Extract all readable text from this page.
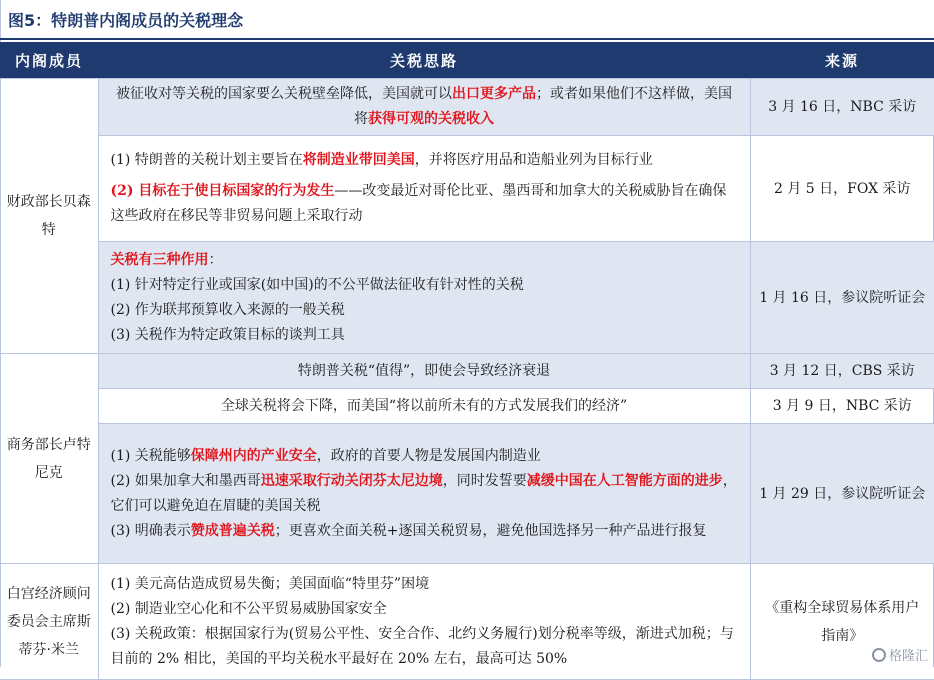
图5：特朗普内阁成员的关税理念
内阁成员	关税思路	来源
财政部长贝森特	被征收对等关税的国家要么关税壁垒降低，美国就可以出口更多产品；或者如果他们不这样做，美国将获得可观的关税收入	3 月 16 日，NBC 采访

	(1) 特朗普的关税计划主要旨在将制造业带回美国，并将医疗用品和造船业列为目标行业
(2) 目标在于使目标国家的行为发生——改变最近对哥伦比亚、墨西哥和加拿大的关税威胁旨在确保这些政府在移民等非贸易问题上采取行动	2 月 5 日，FOX 采访

	关税有三种作用：
(1) 针对特定行业或国家(如中国)的不公平做法征收有针对性的关税
(2) 作为联邦预算收入来源的一般关税
(3) 关税作为特定政策目标的谈判工具	1 月 16 日，参议院听证会
商务部长卢特尼克	特朗普关税“值得”，即使会导致经济衰退	3 月 12 日，CBS 采访
	全球关税将会下降，而美国“将以前所未有的方式发展我们的经济”	3 月 9 日，NBC 采访

	(1) 关税能够保障州内的产业安全，政府的首要人物是发展国内制造业
(2) 如果加拿大和墨西哥迅速采取行动关闭芬太尼边境，同时发誓要减缓中国在人工智能方面的进步，它们可以避免迫在眉睫的美国关税
(3) 明确表示赞成普遍关税；更喜欢全面关税+逐国关税贸易，避免他国选择另一种产品进行报复	1 月 29 日，参议院听证会
白宫经济顾问委员会主席斯蒂芬·米兰	(1) 美元高估造成贸易失衡；美国面临“特里芬”困境
(2) 制造业空心化和不公平贸易威胁国家安全
(3) 关税政策：根据国家行为(贸易公平性、安全合作、北约义务履行)划分税率等级，渐进式加税；与目前的 2% 相比，美国的平均关税水平最好在 20% 左右，最高可达 50%	《重构全球贸易体系用户指南》
格隆汇
